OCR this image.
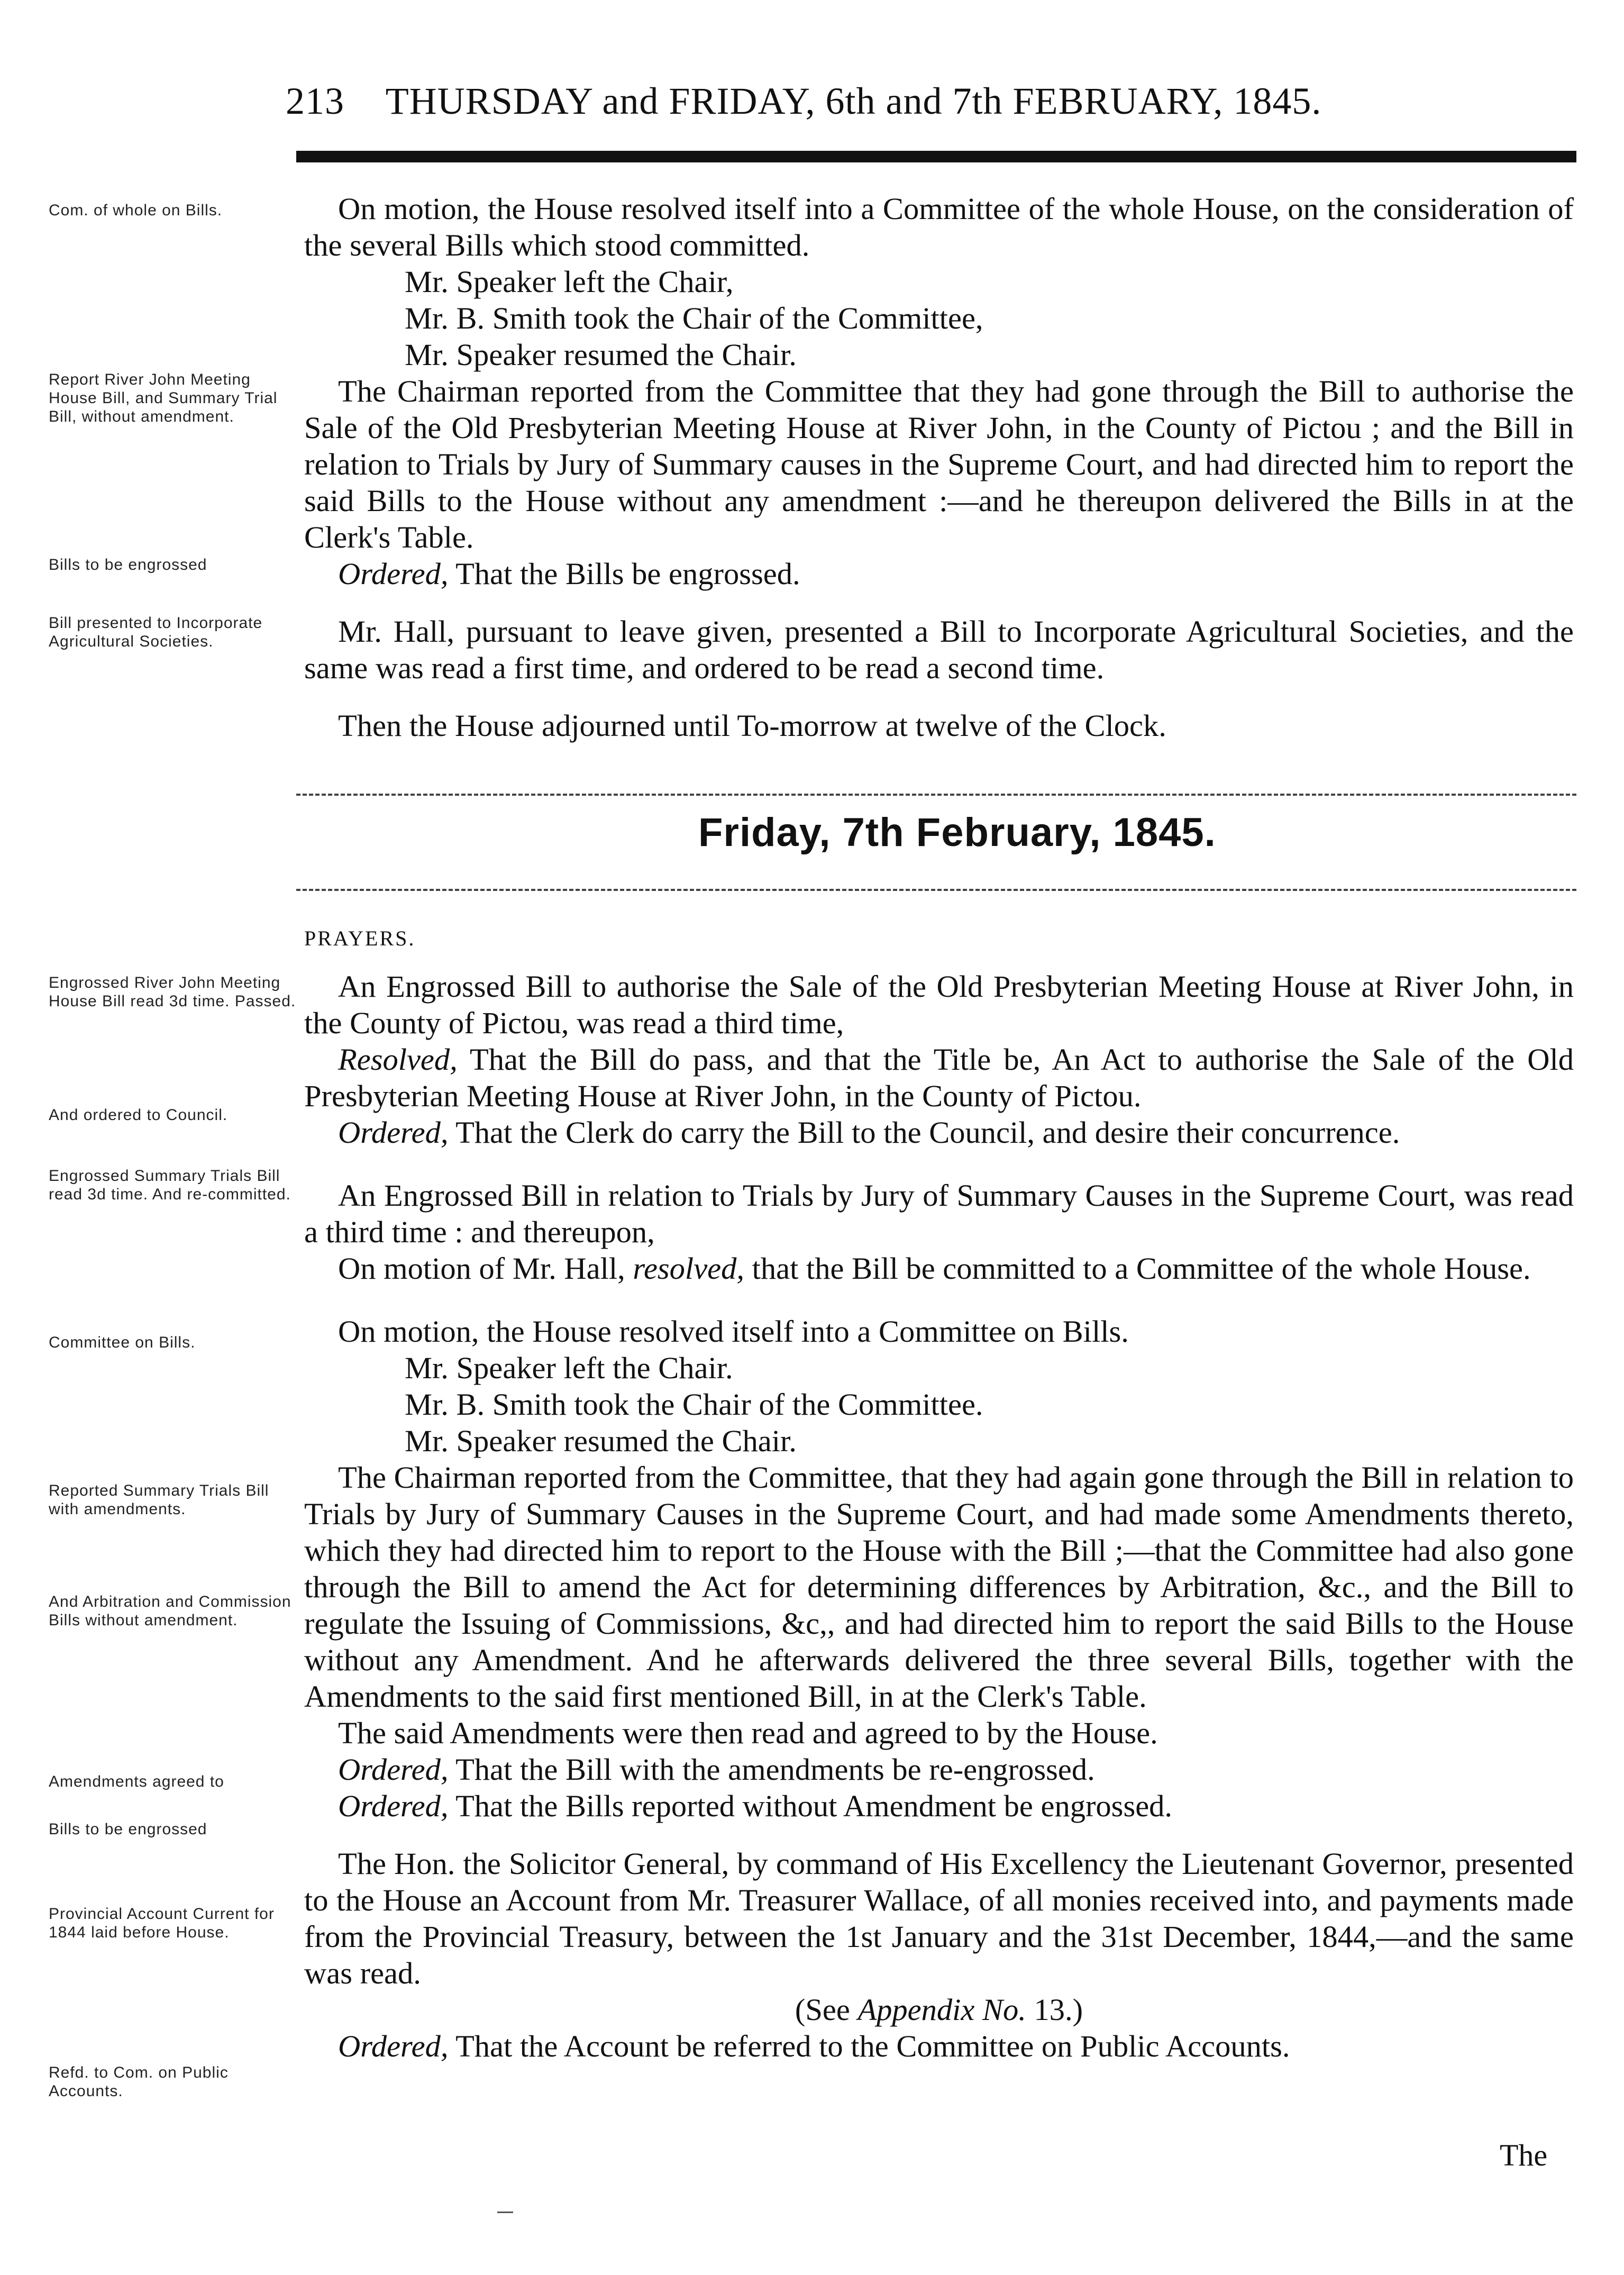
213 THURSDAY and FRIDAY, 6th and 7th FEBRUARY, 1845.
Com. of whole on Bills.
Report River John Meeting House Bill, and Summary Trial Bill, without amendment.
Bills to be engrossed
Bill presented to Incorporate Agricultural Societies.
Engrossed River John Meeting House Bill read 3d time. Passed.
And ordered to Council.
Engrossed Summary Trials Bill read 3d time. And re-committed.
Committee on Bills.
Reported Summary Trials Bill with amendments.
And Arbitration and Commission Bills without amendment.
Amendments agreed to
Bills to be engrossed
Provincial Account Current for 1844 laid before House.
Refd. to Com. on Public Accounts.

On motion, the House resolved itself into a Committee of the whole House, on the consideration of the several Bills which stood committed.

Mr. Speaker left the Chair,

Mr. B. Smith took the Chair of the Committee,

Mr. Speaker resumed the Chair.

The Chairman reported from the Committee that they had gone through the Bill to authorise the Sale of the Old Presbyterian Meeting House at River John, in the County of Pictou ; and the Bill in relation to Trials by Jury of Summary causes in the Supreme Court, and had directed him to report the said Bills to the House without any amendment :—and he thereupon delivered the Bills in at the Clerk's Table.

Ordered, That the Bills be engrossed.

Mr. Hall, pursuant to leave given, presented a Bill to Incorporate Agricultural Societies, and the same was read a first time, and ordered to be read a second time.

Then the House adjourned until To-morrow at twelve of the Clock.

Friday, 7th February, 1845.
PRAYERS.

An Engrossed Bill to authorise the Sale of the Old Presbyterian Meeting House at River John, in the County of Pictou, was read a third time,

Resolved, That the Bill do pass, and that the Title be, An Act to authorise the Sale of the Old Presbyterian Meeting House at River John, in the County of Pictou.

Ordered, That the Clerk do carry the Bill to the Council, and desire their concurrence.

An Engrossed Bill in relation to Trials by Jury of Summary Causes in the Supreme Court, was read a third time : and thereupon,

On motion of Mr. Hall, resolved, that the Bill be committed to a Committee of the whole House.

On motion, the House resolved itself into a Committee on Bills.

Mr. Speaker left the Chair.

Mr. B. Smith took the Chair of the Committee.

Mr. Speaker resumed the Chair.

The Chairman reported from the Committee, that they had again gone through the Bill in relation to Trials by Jury of Summary Causes in the Supreme Court, and had made some Amendments thereto, which they had directed him to report to the House with the Bill ;—that the Committee had also gone through the Bill to amend the Act for determining differences by Arbitration, &c., and the Bill to regulate the Issuing of Commissions, &c,, and had directed him to report the said Bills to the House without any Amendment. And he afterwards delivered the three several Bills, together with the Amendments to the said first mentioned Bill, in at the Clerk's Table.

The said Amendments were then read and agreed to by the House.

Ordered, That the Bill with the amendments be re-engrossed.

Ordered, That the Bills reported without Amendment be engrossed.

The Hon. the Solicitor General, by command of His Excellency the Lieutenant Governor, presented to the House an Account from Mr. Treasurer Wallace, of all monies received into, and payments made from the Provincial Treasury, between the 1st January and the 31st December, 1844,—and the same was read.

(See Appendix No. 13.)

Ordered, That the Account be referred to the Committee on Public Accounts.

The
